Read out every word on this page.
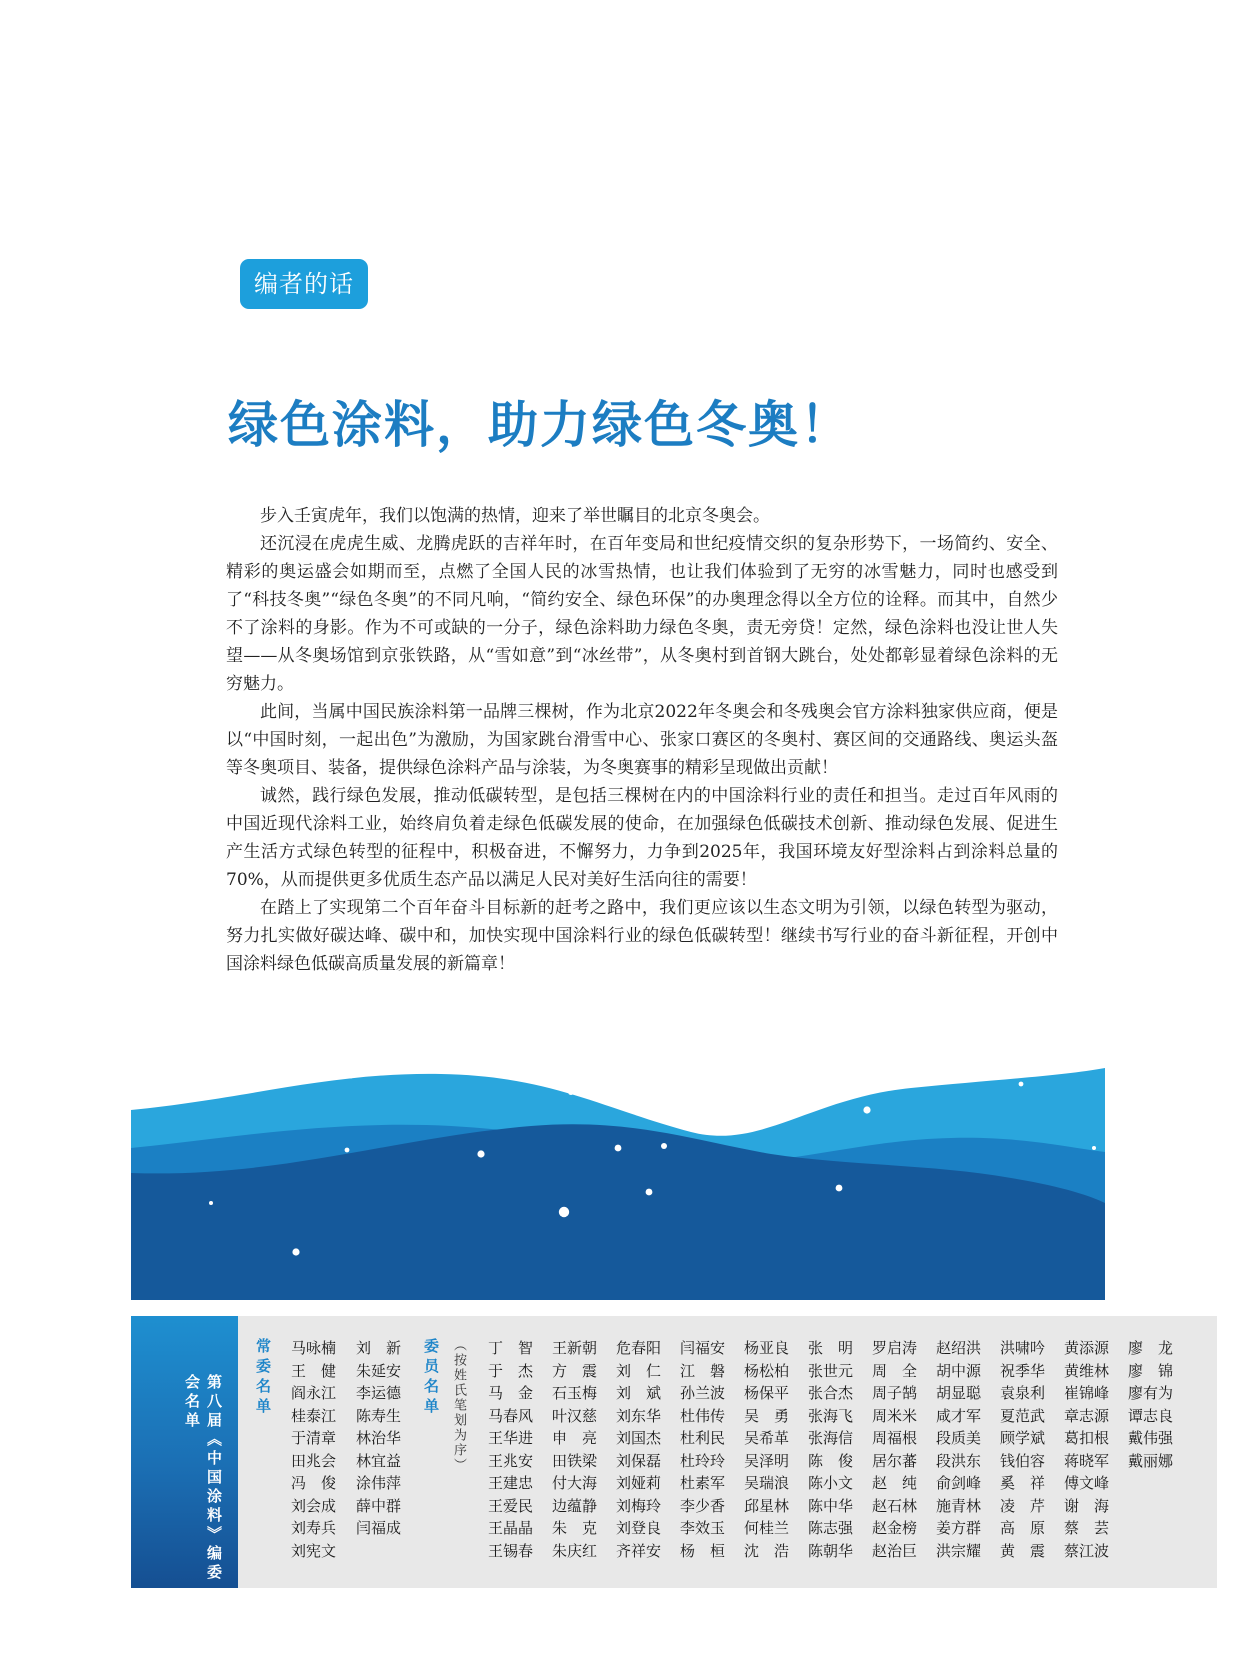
编者的话
绿色涂料，助力绿色冬奥！

步入壬寅虎年，我们以饱满的热情，迎来了举世瞩目的北京冬奥会。

还沉浸在虎虎生威、龙腾虎跃的吉祥年时，在百年变局和世纪疫情交织的复杂形势下，一场简约、安全、精彩的奥运盛会如期而至，点燃了全国人民的冰雪热情，也让我们体验到了无穷的冰雪魅力，同时也感受到了“科技冬奥”“绿色冬奥”的不同凡响，“简约安全、绿色环保”的办奥理念得以全方位的诠释。而其中，自然少不了涂料的身影。作为不可或缺的一分子，绿色涂料助力绿色冬奥，责无旁贷！定然，绿色涂料也没让世人失望——从冬奥场馆到京张铁路，从“雪如意”到“冰丝带”，从冬奥村到首钢大跳台，处处都彰显着绿色涂料的无穷魅力。

此间，当属中国民族涂料第一品牌三棵树，作为北京2022年冬奥会和冬残奥会官方涂料独家供应商，便是以“中国时刻，一起出色”为激励，为国家跳台滑雪中心、张家口赛区的冬奥村、赛区间的交通路线、奥运头盔等冬奥项目、装备，提供绿色涂料产品与涂装，为冬奥赛事的精彩呈现做出贡献！

诚然，践行绿色发展，推动低碳转型，是包括三棵树在内的中国涂料行业的责任和担当。走过百年风雨的中国近现代涂料工业，始终肩负着走绿色低碳发展的使命，在加强绿色低碳技术创新、推动绿色发展、促进生产生活方式绿色转型的征程中，积极奋进，不懈努力，力争到2025年，我国环境友好型涂料占到涂料总量的70%，从而提供更多优质生态产品以满足人民对美好生活向往的需要！

在踏上了实现第二个百年奋斗目标新的赶考之路中，我们更应该以生态文明为引领，以绿色转型为驱动，努力扎实做好碳达峰、碳中和，加快实现中国涂料行业的绿色低碳转型！继续书写行业的奋斗新征程，开创中国涂料绿色低碳高质量发展的新篇章！

第八届《中国涂料》编委会名单	常委名单 马咏楠
王　健
阎永江
桂泰江
于清章
田兆会
冯　俊
刘会成
刘寿兵
刘宪文
刘　新
朱延安
李运德
陈寿生
林治华
林宜益
涂伟萍
薛中群
闫福成
委员名单 （按姓氏笔划为序） 丁　智
于　杰
马　金
马春风
王华进
王兆安
王建忠
王爱民
王晶晶
王锡春
王新朝
方　震
石玉梅
叶汉慈
申　亮
田铁梁
付大海
边蕴静
朱　克
朱庆红
危春阳
刘　仁
刘　斌
刘东华
刘国杰
刘保磊
刘娅莉
刘梅玲
刘登良
齐祥安
闫福安
江　磐
孙兰波
杜伟传
杜利民
杜玲玲
杜素军
李少香
李效玉
杨　桓
杨亚良
杨松柏
杨保平
吴　勇
吴希革
吴泽明
吴瑞浪
邱星林
何桂兰
沈　浩
张　明
张世元
张合杰
张海飞
张海信
陈　俊
陈小文
陈中华
陈志强
陈朝华
罗启涛
周　全
周子鹄
周米米
周福根
居尔蕃
赵　纯
赵石林
赵金榜
赵治巨
赵绍洪
胡中源
胡显聪
咸才军
段质美
段洪东
俞剑峰
施青林
姜方群
洪宗耀
洪啸吟
祝季华
袁泉利
夏范武
顾学斌
钱伯容
奚　祥
凌　芹
高　原
黄　震
黄添源
黄维林
崔锦峰
章志源
葛扣根
蒋晓军
傅文峰
谢　海
蔡　芸
蔡江波
廖　龙
廖　锦
廖有为
谭志良
戴伟强
戴丽娜
